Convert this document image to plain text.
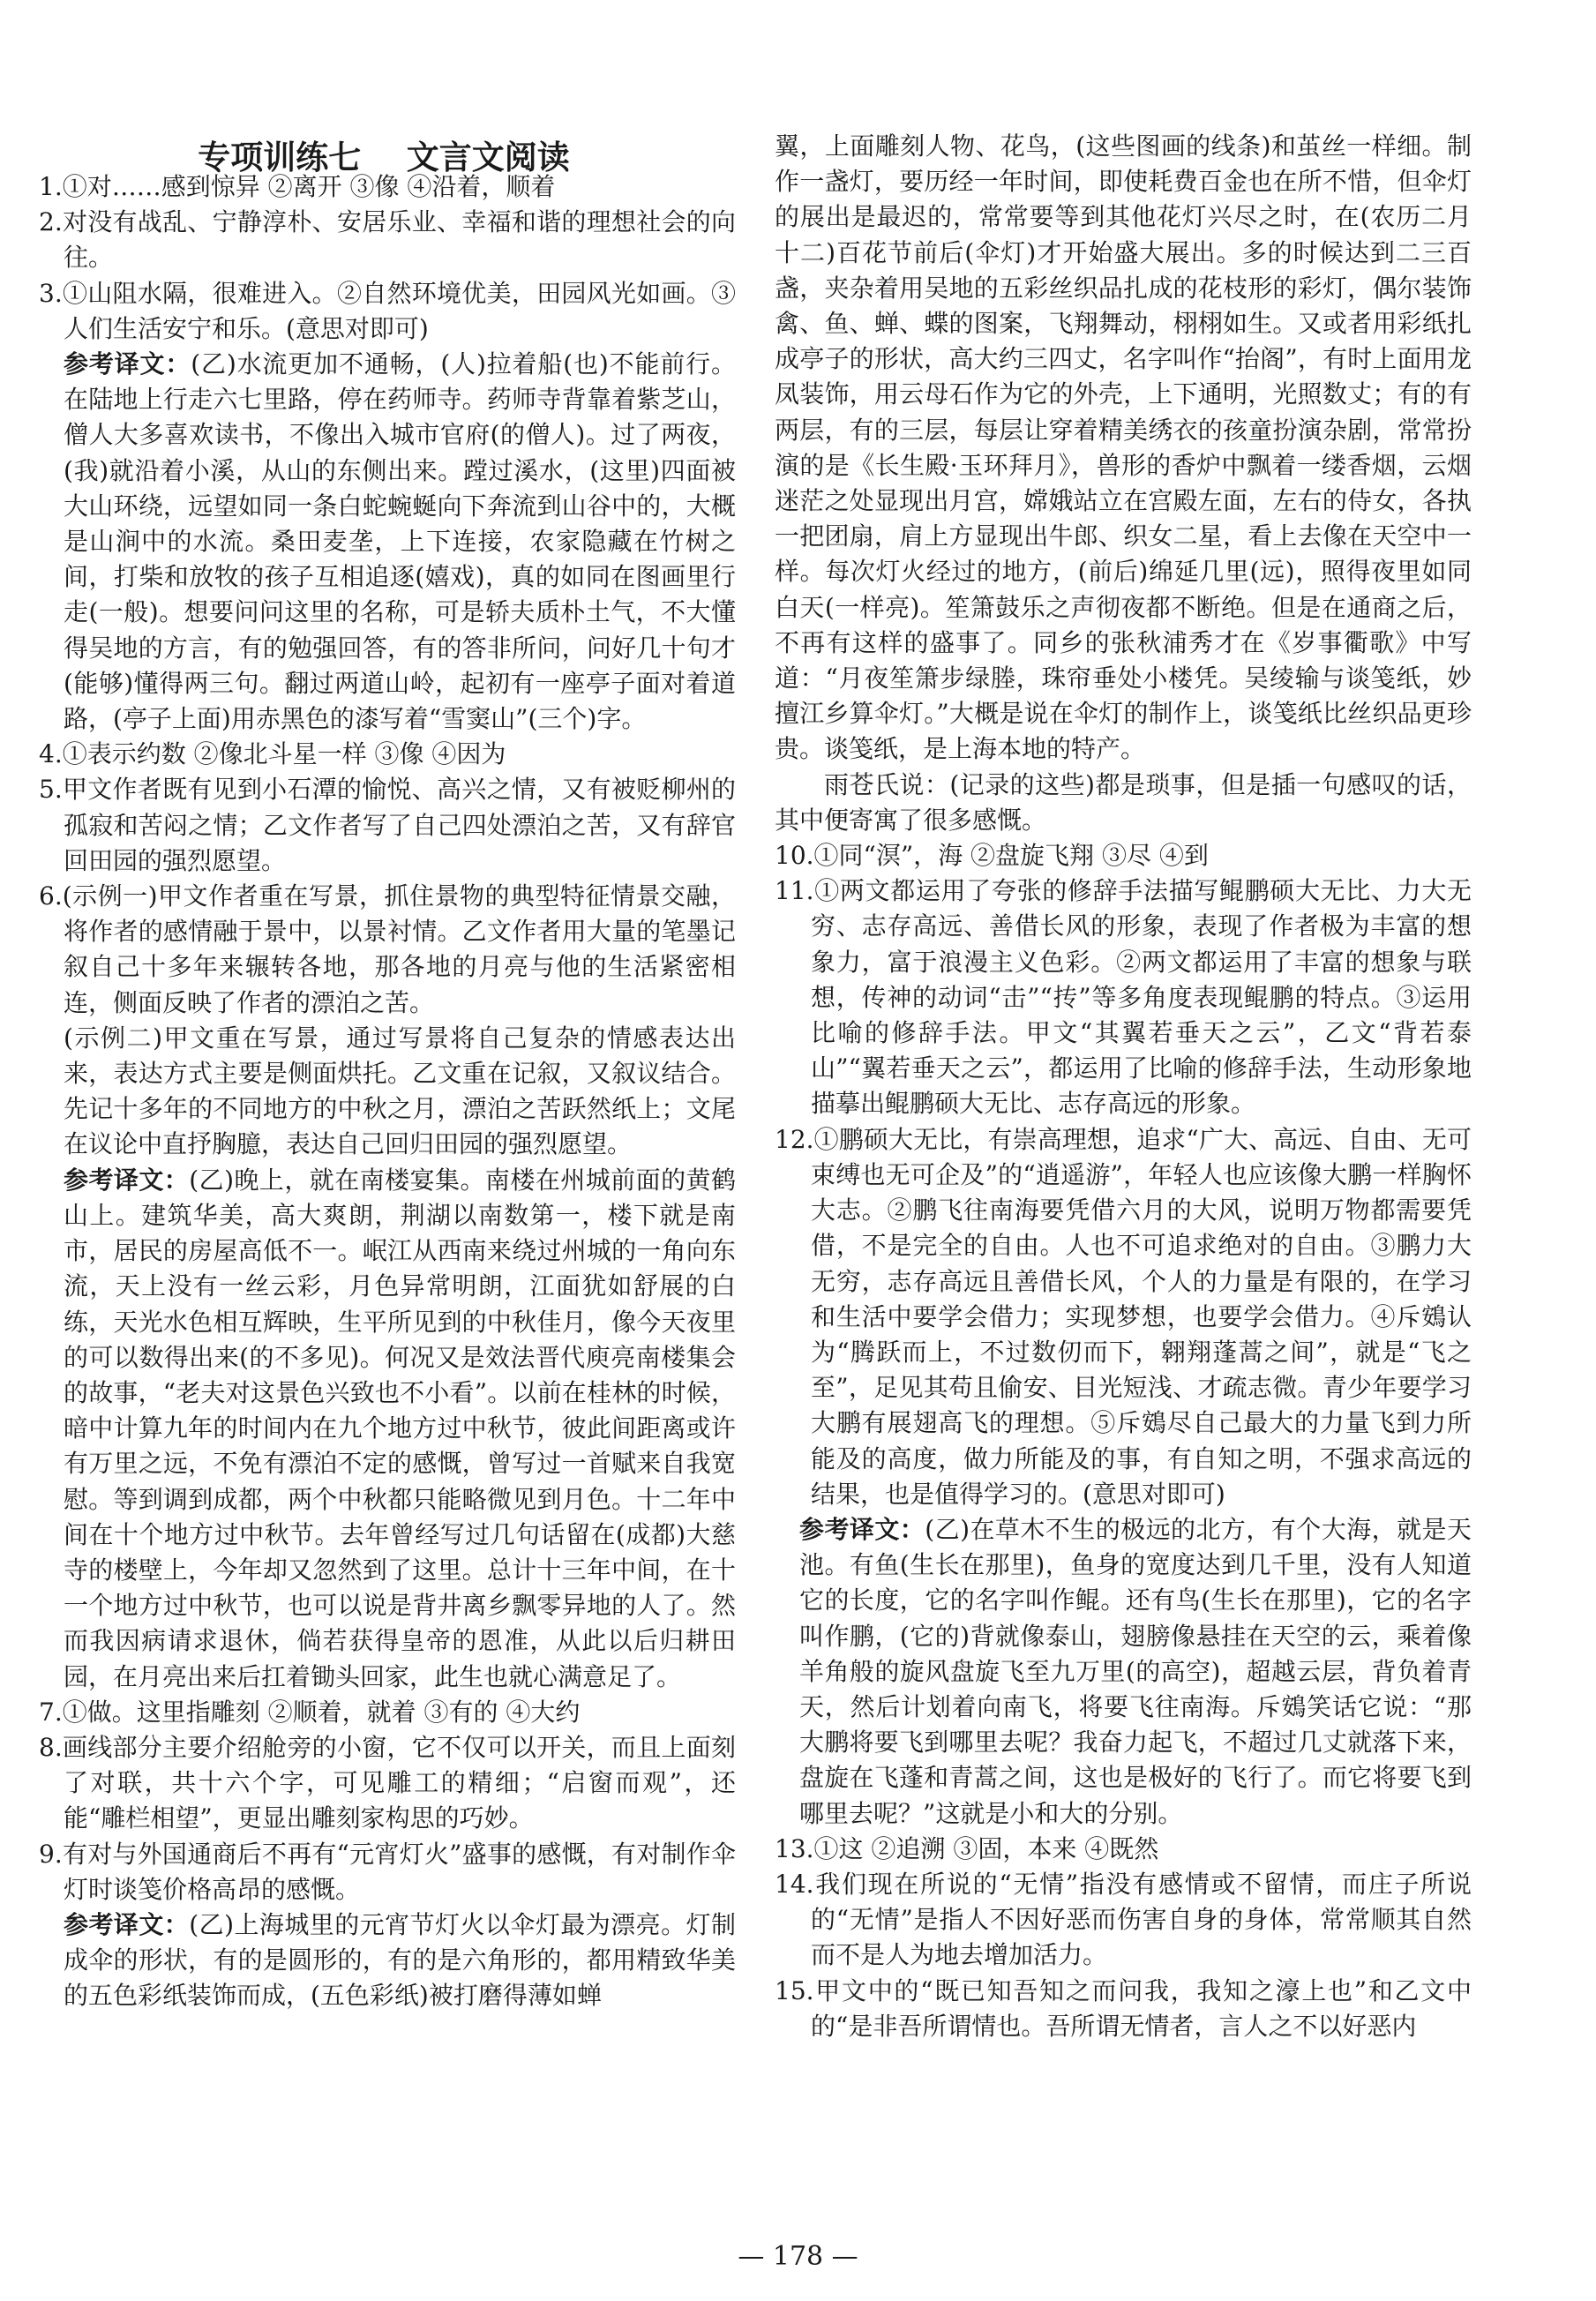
专项训练七    文言文阅读

1.①对……感到惊异 ②离开 ③像 ④沿着，顺着

2.对没有战乱、宁静淳朴、安居乐业、幸福和谐的理想社会的向往。

3.①山阻水隔，很难进入。②自然环境优美，田园风光如画。③人们生活安宁和乐。(意思对即可)

参考译文：(乙)水流更加不通畅，(人)拉着船(也)不能前行。在陆地上行走六七里路，停在药师寺。药师寺背靠着紫芝山，僧人大多喜欢读书，不像出入城市官府(的僧人)。过了两夜，(我)就沿着小溪，从山的东侧出来。蹚过溪水，(这里)四面被大山环绕，远望如同一条白蛇蜿蜒向下奔流到山谷中的，大概是山涧中的水流。桑田麦垄，上下连接，农家隐藏在竹树之间，打柴和放牧的孩子互相追逐(嬉戏)，真的如同在图画里行走(一般)。想要问问这里的名称，可是轿夫质朴土气，不大懂得吴地的方言，有的勉强回答，有的答非所问，问好几十句才(能够)懂得两三句。翻过两道山岭，起初有一座亭子面对着道路，(亭子上面)用赤黑色的漆写着“雪窦山”(三个)字。

4.①表示约数 ②像北斗星一样 ③像 ④因为

5.甲文作者既有见到小石潭的愉悦、高兴之情，又有被贬柳州的孤寂和苦闷之情；乙文作者写了自己四处漂泊之苦，又有辞官回田园的强烈愿望。

6.(示例一)甲文作者重在写景，抓住景物的典型特征情景交融，将作者的感情融于景中，以景衬情。乙文作者用大量的笔墨记叙自己十多年来辗转各地，那各地的月亮与他的生活紧密相连，侧面反映了作者的漂泊之苦。

(示例二)甲文重在写景，通过写景将自己复杂的情感表达出来，表达方式主要是侧面烘托。乙文重在记叙，又叙议结合。先记十多年的不同地方的中秋之月，漂泊之苦跃然纸上；文尾在议论中直抒胸臆，表达自己回归田园的强烈愿望。

参考译文：(乙)晚上，就在南楼宴集。南楼在州城前面的黄鹤山上。建筑华美，高大爽朗，荆湖以南数第一，楼下就是南市，居民的房屋高低不一。岷江从西南来绕过州城的一角向东流，天上没有一丝云彩，月色异常明朗，江面犹如舒展的白练，天光水色相互辉映，生平所见到的中秋佳月，像今天夜里的可以数得出来(的不多见)。何况又是效法晋代庾亮南楼集会的故事，“老夫对这景色兴致也不小看”。以前在桂林的时候，暗中计算九年的时间内在九个地方过中秋节，彼此间距离或许有万里之远，不免有漂泊不定的感慨，曾写过一首赋来自我宽慰。等到调到成都，两个中秋都只能略微见到月色。十二年中间在十个地方过中秋节。去年曾经写过几句话留在(成都)大慈寺的楼壁上，今年却又忽然到了这里。总计十三年中间，在十一个地方过中秋节，也可以说是背井离乡飘零异地的人了。然而我因病请求退休，倘若获得皇帝的恩准，从此以后归耕田园，在月亮出来后扛着锄头回家，此生也就心满意足了。

7.①做。这里指雕刻 ②顺着，就着 ③有的 ④大约

8.画线部分主要介绍舱旁的小窗，它不仅可以开关，而且上面刻了对联，共十六个字，可见雕工的精细；“启窗而观”，还能“雕栏相望”，更显出雕刻家构思的巧妙。

9.有对与外国通商后不再有“元宵灯火”盛事的感慨，有对制作伞灯时谈笺价格高昂的感慨。

参考译文：(乙)上海城里的元宵节灯火以伞灯最为漂亮。灯制成伞的形状，有的是圆形的，有的是六角形的，都用精致华美的五色彩纸装饰而成，(五色彩纸)被打磨得薄如蝉

翼，上面雕刻人物、花鸟，(这些图画的线条)和茧丝一样细。制作一盏灯，要历经一年时间，即使耗费百金也在所不惜，但伞灯的展出是最迟的，常常要等到其他花灯兴尽之时，在(农历二月十二)百花节前后(伞灯)才开始盛大展出。多的时候达到二三百盏，夹杂着用吴地的五彩丝织品扎成的花枝形的彩灯，偶尔装饰禽、鱼、蝉、蝶的图案，飞翔舞动，栩栩如生。又或者用彩纸扎成亭子的形状，高大约三四丈，名字叫作“抬阁”，有时上面用龙凤装饰，用云母石作为它的外壳，上下通明，光照数丈；有的有两层，有的三层，每层让穿着精美绣衣的孩童扮演杂剧，常常扮演的是《长生殿·玉环拜月》，兽形的香炉中飘着一缕香烟，云烟迷茫之处显现出月宫，嫦娥站立在宫殿左面，左右的侍女，各执一把团扇，肩上方显现出牛郎、织女二星，看上去像在天空中一样。每次灯火经过的地方，(前后)绵延几里(远)，照得夜里如同白天(一样亮)。笙箫鼓乐之声彻夜都不断绝。但是在通商之后，不再有这样的盛事了。同乡的张秋浦秀才在《岁事衢歌》中写道：“月夜笙箫步绿塍，珠帘垂处小楼凭。吴绫输与谈笺纸，妙擅江乡算伞灯。”大概是说在伞灯的制作上，谈笺纸比丝织品更珍贵。谈笺纸，是上海本地的特产。

雨苍氏说：(记录的这些)都是琐事，但是插一句感叹的话，其中便寄寓了很多感慨。

10.①同“溟”，海 ②盘旋飞翔 ③尽 ④到

11.①两文都运用了夸张的修辞手法描写鲲鹏硕大无比、力大无穷、志存高远、善借长风的形象，表现了作者极为丰富的想象力，富于浪漫主义色彩。②两文都运用了丰富的想象与联想，传神的动词“击”“抟”等多角度表现鲲鹏的特点。③运用比喻的修辞手法。甲文“其翼若垂天之云”，乙文“背若泰山”“翼若垂天之云”，都运用了比喻的修辞手法，生动形象地描摹出鲲鹏硕大无比、志存高远的形象。

12.①鹏硕大无比，有崇高理想，追求“广大、高远、自由、无可束缚也无可企及”的“逍遥游”，年轻人也应该像大鹏一样胸怀大志。②鹏飞往南海要凭借六月的大风，说明万物都需要凭借，不是完全的自由。人也不可追求绝对的自由。③鹏力大无穷，志存高远且善借长风，个人的力量是有限的，在学习和生活中要学会借力；实现梦想，也要学会借力。④斥鴳认为“腾跃而上，不过数仞而下，翱翔蓬蒿之间”，就是“飞之至”，足见其苟且偷安、目光短浅、才疏志微。青少年要学习大鹏有展翅高飞的理想。⑤斥鴳尽自己最大的力量飞到力所能及的高度，做力所能及的事，有自知之明，不强求高远的结果，也是值得学习的。(意思对即可)

参考译文：(乙)在草木不生的极远的北方，有个大海，就是天池。有鱼(生长在那里)，鱼身的宽度达到几千里，没有人知道它的长度，它的名字叫作鲲。还有鸟(生长在那里)，它的名字叫作鹏，(它的)背就像泰山，翅膀像悬挂在天空的云，乘着像羊角般的旋风盘旋飞至九万里(的高空)，超越云层，背负着青天，然后计划着向南飞，将要飞往南海。斥鴳笑话它说：“那大鹏将要飞到哪里去呢？我奋力起飞，不超过几丈就落下来，盘旋在飞蓬和青蒿之间，这也是极好的飞行了。而它将要飞到哪里去呢？”这就是小和大的分别。

13.①这 ②追溯 ③固，本来 ④既然

14.我们现在所说的“无情”指没有感情或不留情，而庄子所说的“无情”是指人不因好恶而伤害自身的身体，常常顺其自然而不是人为地去增加活力。

15.甲文中的“既已知吾知之而问我，我知之濠上也”和乙文中的“是非吾所谓情也。吾所谓无情者，言人之不以好恶内

— 178 —
